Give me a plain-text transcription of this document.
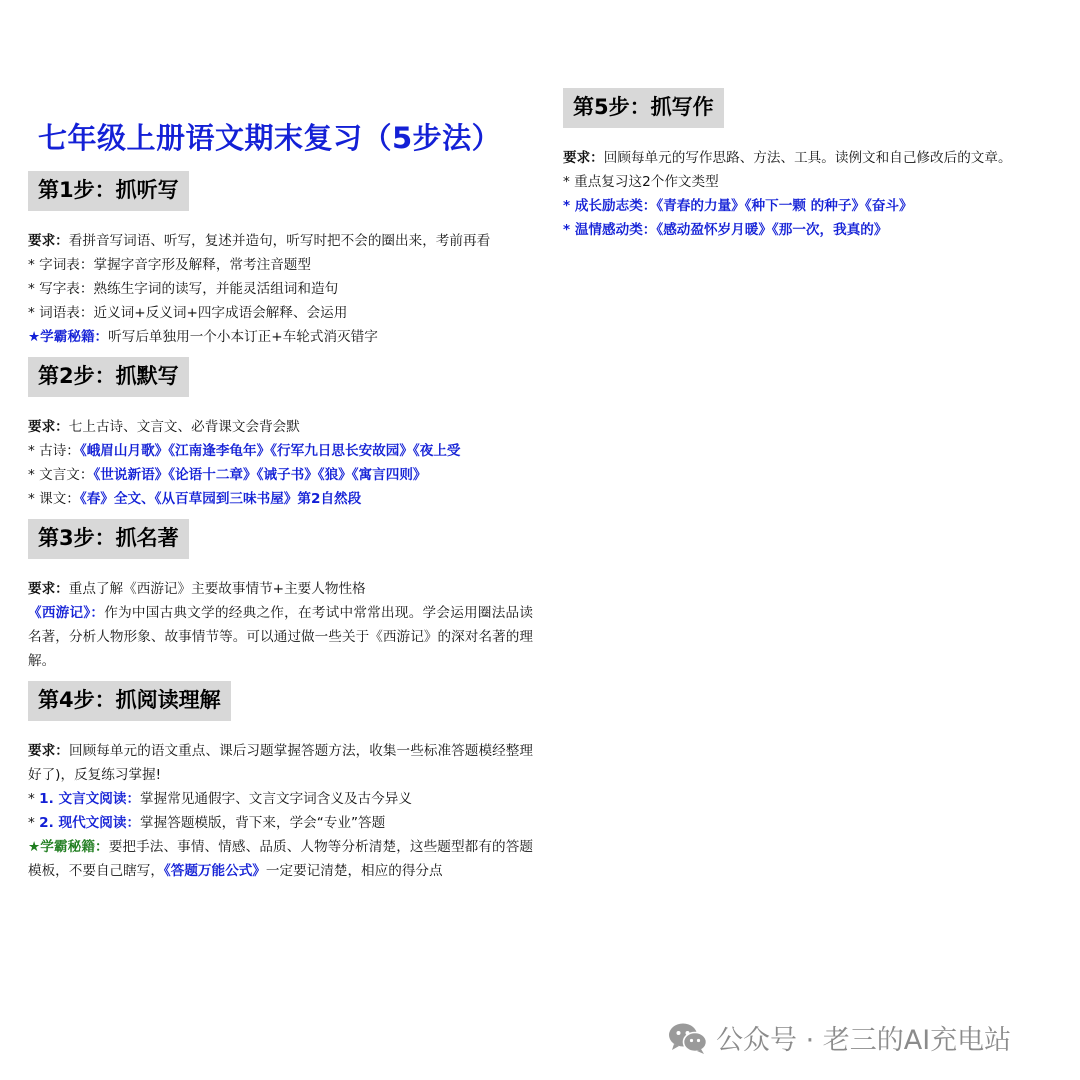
七年级上册语文期末复习（5步法）
第1步：抓听写

要求：看拼音写词语、听写，复述并造句，听写时把不会的圈出来，考前再看

* 字词表：掌握字音字形及解释，常考注音题型

* 写字表：熟练生字词的读写，并能灵活组词和造句

* 词语表：近义词+反义词+四字成语会解释、会运用

★学霸秘籍：听写后单独用一个小本订正+车轮式消灭错字

第2步：抓默写

要求：七上古诗、文言文、必背课文会背会默

* 古诗：《峨眉山月歌》《江南逢李龟年》《行军九日思长安故园》《夜上受

* 文言文：《世说新语》《论语十二章》《诫子书》《狼》《寓言四则》

* 课文：《春》全文、《从百草园到三味书屋》第2自然段

第3步：抓名著

要求：重点了解《西游记》主要故事情节+主要人物性格

《西游记》：作为中国古典文学的经典之作，在考试中常常出现。学会运用圈法品读名著，分析人物形象、故事情节等。可以通过做一些关于《西游记》的深对名著的理解。

第4步：抓阅读理解

要求：回顾每单元的语文重点、课后习题掌握答题方法，收集一些标准答题模经整理好了)，反复练习掌握!

* 1. 文言文阅读：掌握常见通假字、文言文字词含义及古今异义

* 2. 现代文阅读：掌握答题模版，背下来，学会“专业”答题

★学霸秘籍：要把手法、事情、情感、品质、人物等分析清楚，这些题型都有的答题模板，不要自己瞎写，《答题万能公式》一定要记清楚，相应的得分点

第5步：抓写作

要求：回顾每单元的写作思路、方法、工具。读例文和自己修改后的文章。

* 重点复习这2个作文类型

* 成长励志类：《青春的力量》《种下一颗 的种子》《奋斗》

* 温情感动类：《感动盈怀岁月暖》《那一次，我真的》

公众号 · 老三的AI充电站
